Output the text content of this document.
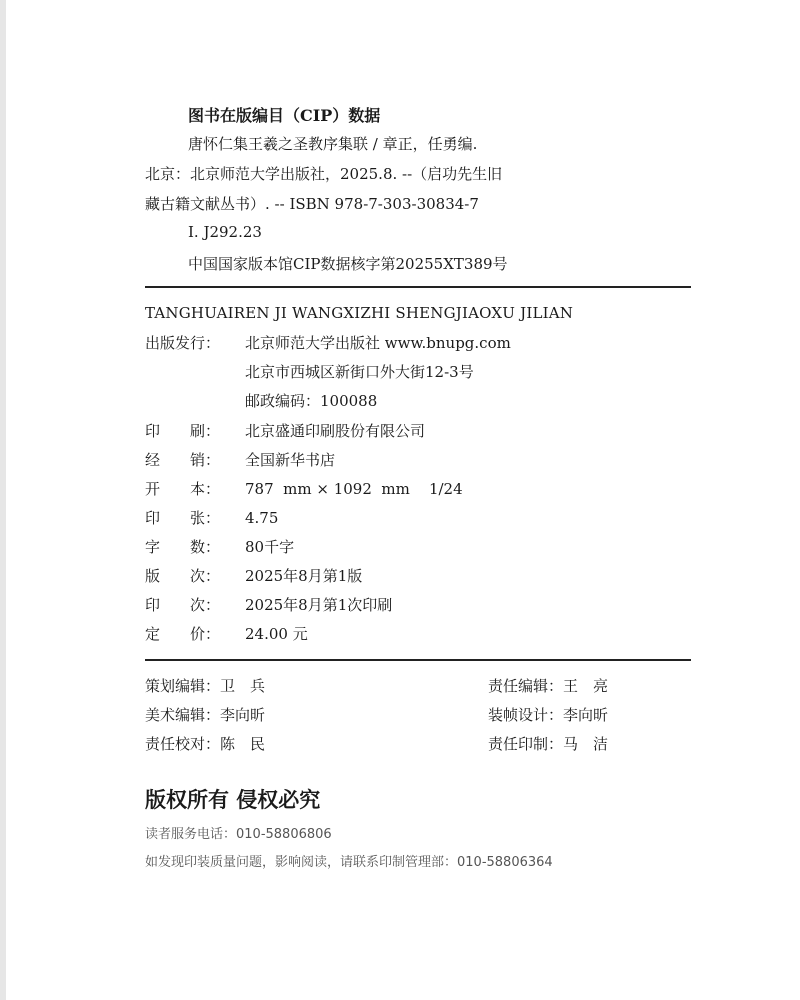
图书在版编目（CIP）数据
唐怀仁集王羲之圣教序集联 / 章正，任勇编.
北京：北京师范大学出版社，2025.8. --（启功先生旧
藏古籍文献丛书）. -- ISBN 978-7-303-30834-7
Ⅰ. J292.23
中国国家版本馆CIP数据核字第20255XT389号
TANGHUAIREN JI WANGXIZHI SHENGJIAOXU JILIAN
出版发行： 北京师范大学出版社 www.bnupg.com
北京市西城区新街口外大街12-3号
邮政编码：100088
印　　刷： 北京盛通印刷股份有限公司
经　　销： 全国新华书店
开　　本： 787  mm × 1092  mm    1/24
印　　张： 4.75
字　　数： 80千字
版　　次： 2025年8月第1版
印　　次： 2025年8月第1次印刷
定　　价： 24.00 元
策划编辑：卫　兵	责任编辑：王　亮
美术编辑：李向昕	装帧设计：李向昕
责任校对：陈　民	责任印制：马　洁
版权所有 侵权必究
读者服务电话：010-58806806
如发现印装质量问题，影响阅读，请联系印制管理部：010-58806364
